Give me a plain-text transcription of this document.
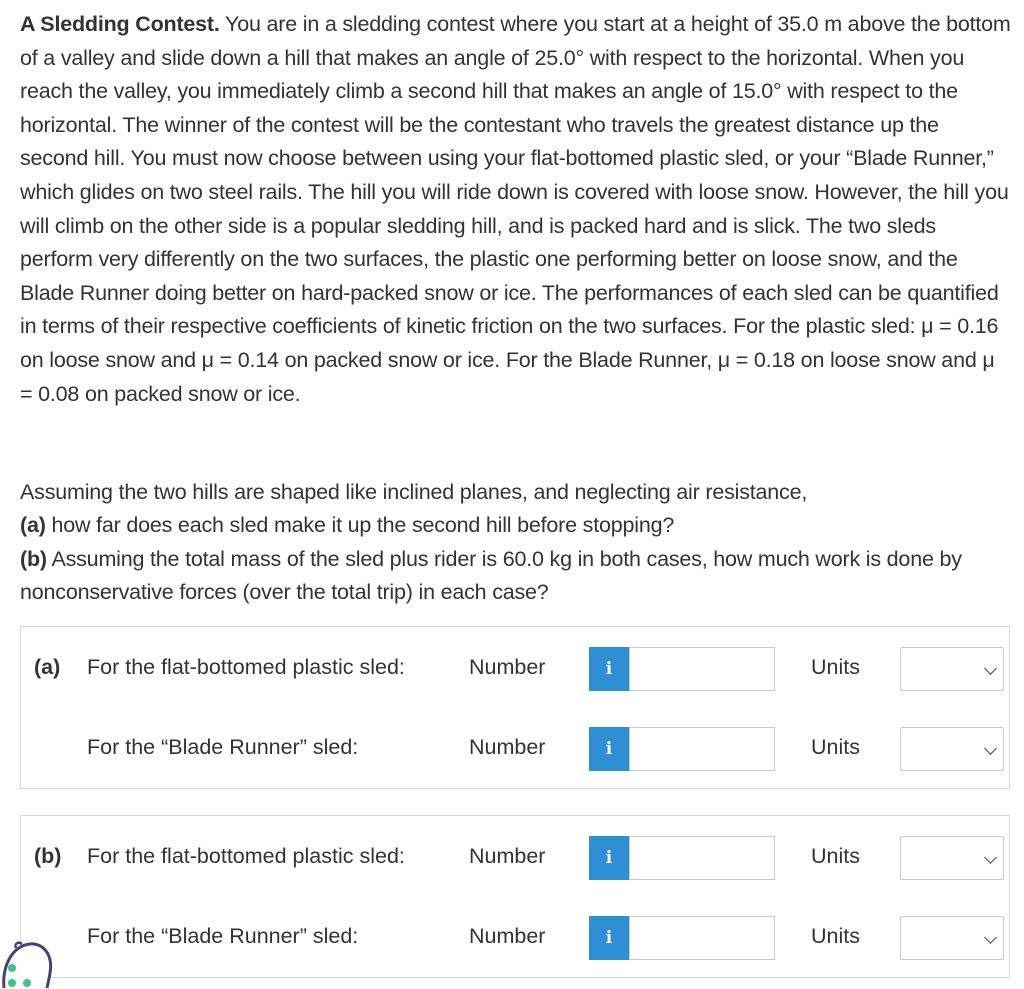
A Sledding Contest. You are in a sledding contest where you start at a height of 35.0 m above the bottom of a valley and slide down a hill that makes an angle of 25.0° with respect to the horizontal. When you reach the valley, you immediately climb a second hill that makes an angle of 15.0° with respect to the horizontal. The winner of the contest will be the contestant who travels the greatest distance up the second hill. You must now choose between using your flat-bottomed plastic sled, or your “Blade Runner,” which glides on two steel rails. The hill you will ride down is covered with loose snow. However, the hill you will climb on the other side is a popular sledding hill, and is packed hard and is slick. The two sleds perform very differently on the two surfaces, the plastic one performing better on loose snow, and the Blade Runner doing better on hard-packed snow or ice. The performances of each sled can be quantified in terms of their respective coefficients of kinetic friction on the two surfaces. For the plastic sled: μ = 0.16 on loose snow and μ = 0.14 on packed snow or ice. For the Blade Runner, μ = 0.18 on loose snow and μ = 0.08 on packed snow or ice.

Assuming the two hills are shaped like inclined planes, and neglecting air resistance,

(a) how far does each sled make it up the second hill before stopping?

(b) Assuming the total mass of the sled plus rider is 60.0 kg in both cases, how much work is done by nonconservative forces (over the total trip) in each case?

(a) For the flat-bottomed plastic sled:	Number	i	Units
For the “Blade Runner” sled:	Number	i	Units
(b) For the flat-bottomed plastic sled:	Number	i	Units
For the “Blade Runner” sled:	Number	i	Units
